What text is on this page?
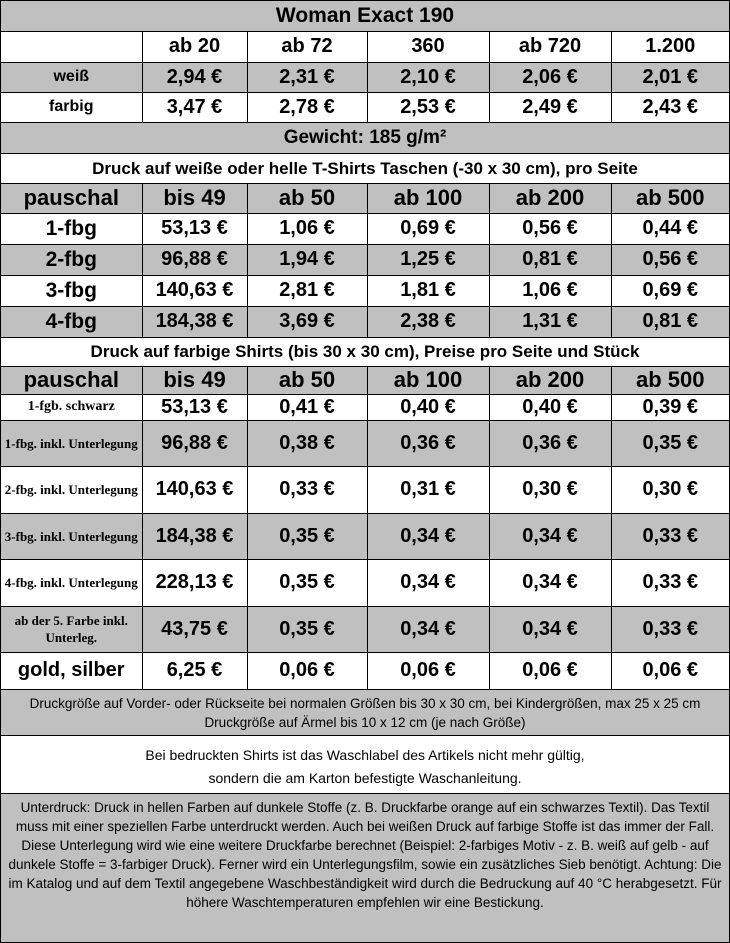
Woman Exact 190
	ab 20	ab 72	360	ab 720	1.200
weiß	2,94 €	2,31 €	2,10 €	2,06 €	2,01 €
farbig	3,47 €	2,78 €	2,53 €	2,49 €	2,43 €
Gewicht: 185 g/m²
Druck auf weiße oder helle T-Shirts Taschen (-30 x 30 cm), pro Seite
pauschal	bis 49	ab 50	ab 100	ab 200	ab 500
1-fbg	53,13 €	1,06 €	0,69 €	0,56 €	0,44 €
2-fbg	96,88 €	1,94 €	1,25 €	0,81 €	0,56 €
3-fbg	140,63 €	2,81 €	1,81 €	1,06 €	0,69 €
4-fbg	184,38 €	3,69 €	2,38 €	1,31 €	0,81 €
Druck auf farbige Shirts (bis 30 x 30 cm), Preise pro Seite und Stück
pauschal	bis 49	ab 50	ab 100	ab 200	ab 500
1-fgb. schwarz	53,13 €	0,41 €	0,40 €	0,40 €	0,39 €
1-fbg. inkl. Unterlegung	96,88 €	0,38 €	0,36 €	0,36 €	0,35 €
2-fbg. inkl. Unterlegung	140,63 €	0,33 €	0,31 €	0,30 €	0,30 €
3-fbg. inkl. Unterlegung	184,38 €	0,35 €	0,34 €	0,34 €	0,33 €
4-fbg. inkl. Unterlegung	228,13 €	0,35 €	0,34 €	0,34 €	0,33 €
ab der 5. Farbe inkl. Unterleg.	43,75 €	0,35 €	0,34 €	0,34 €	0,33 €
gold, silber	6,25 €	0,06 €	0,06 €	0,06 €	0,06 €
Druckgröße auf Vorder- oder Rückseite bei normalen Größen bis 30 x 30 cm, bei Kindergrößen, max 25 x 25 cm Druckgröße auf Ärmel bis 10 x 12 cm (je nach Größe)
Bei bedruckten Shirts ist das Waschlabel des Artikels nicht mehr gültig,
sondern die am Karton befestigte Waschanleitung.
Unterdruck: Druck in hellen Farben auf dunkele Stoffe (z. B. Druckfarbe orange auf ein schwarzes Textil). Das Textil muss mit einer speziellen Farbe unterdruckt werden. Auch bei weißen Druck auf farbige Stoffe ist das immer der Fall. Diese Unterlegung wird wie eine weitere Druckfarbe berechnet (Beispiel: 2-farbiges Motiv - z. B. weiß auf gelb - auf dunkele Stoffe = 3-farbiger Druck). Ferner wird ein Unterlegungsfilm, sowie ein zusätzliches Sieb benötigt. Achtung: Die im Katalog und auf dem Textil angegebene Waschbeständigkeit wird durch die Bedruckung auf 40 °C herabgesetzt. Für höhere Waschtemperaturen empfehlen wir eine Bestickung.
